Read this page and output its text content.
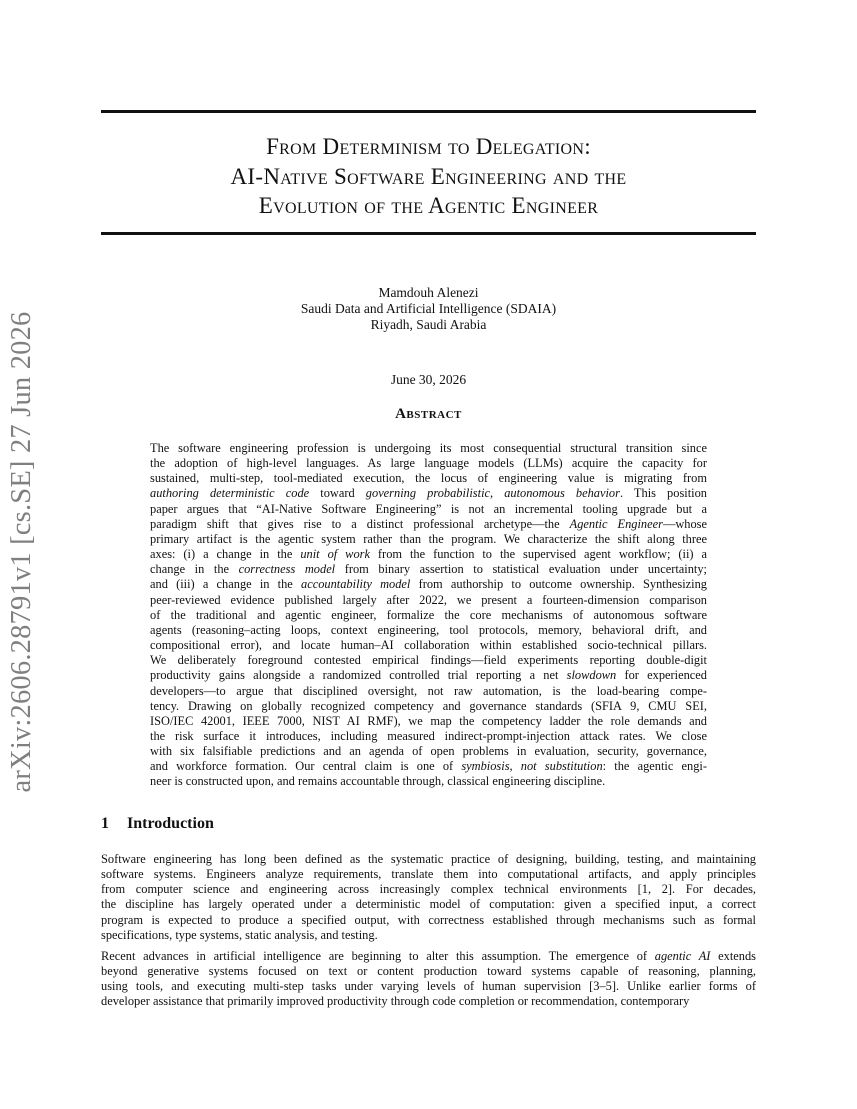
arXiv:2606.28791v1 [cs.SE] 27 Jun 2026
From Determinism to Delegation:
AI-Native Software Engineering and the
Evolution of the Agentic Engineer
Mamdouh Alenezi
Saudi Data and Artificial Intelligence (SDAIA)
Riyadh, Saudi Arabia
June 30, 2026
Abstract
The software engineering profession is undergoing its most consequential structural transition since
the adoption of high-level languages. As large language models (LLMs) acquire the capacity for
sustained, multi-step, tool-mediated execution, the locus of engineering value is migrating from
authoring deterministic code toward governing probabilistic, autonomous behavior. This position
paper argues that “AI-Native Software Engineering” is not an incremental tooling upgrade but a
paradigm shift that gives rise to a distinct professional archetype—the Agentic Engineer—whose
primary artifact is the agentic system rather than the program. We characterize the shift along three
axes: (i) a change in the unit of work from the function to the supervised agent workflow; (ii) a
change in the correctness model from binary assertion to statistical evaluation under uncertainty;
and (iii) a change in the accountability model from authorship to outcome ownership. Synthesizing
peer-reviewed evidence published largely after 2022, we present a fourteen-dimension comparison
of the traditional and agentic engineer, formalize the core mechanisms of autonomous software
agents (reasoning–acting loops, context engineering, tool protocols, memory, behavioral drift, and
compositional error), and locate human–AI collaboration within established socio-technical pillars.
We deliberately foreground contested empirical findings—field experiments reporting double-digit
productivity gains alongside a randomized controlled trial reporting a net slowdown for experienced
developers—to argue that disciplined oversight, not raw automation, is the load-bearing compe-
tency. Drawing on globally recognized competency and governance standards (SFIA 9, CMU SEI,
ISO/IEC 42001, IEEE 7000, NIST AI RMF), we map the competency ladder the role demands and
the risk surface it introduces, including measured indirect-prompt-injection attack rates. We close
with six falsifiable predictions and an agenda of open problems in evaluation, security, governance,
and workforce formation. Our central claim is one of symbiosis, not substitution: the agentic engi-
neer is constructed upon, and remains accountable through, classical engineering discipline.
1 Introduction
Software engineering has long been defined as the systematic practice of designing, building, testing, and maintaining
software systems. Engineers analyze requirements, translate them into computational artifacts, and apply principles
from computer science and engineering across increasingly complex technical environments [1, 2]. For decades,
the discipline has largely operated under a deterministic model of computation: given a specified input, a correct
program is expected to produce a specified output, with correctness established through mechanisms such as formal
specifications, type systems, static analysis, and testing.
Recent advances in artificial intelligence are beginning to alter this assumption. The emergence of agentic AI extends
beyond generative systems focused on text or content production toward systems capable of reasoning, planning,
using tools, and executing multi-step tasks under varying levels of human supervision [3–5]. Unlike earlier forms of
developer assistance that primarily improved productivity through code completion or recommendation, contemporary
